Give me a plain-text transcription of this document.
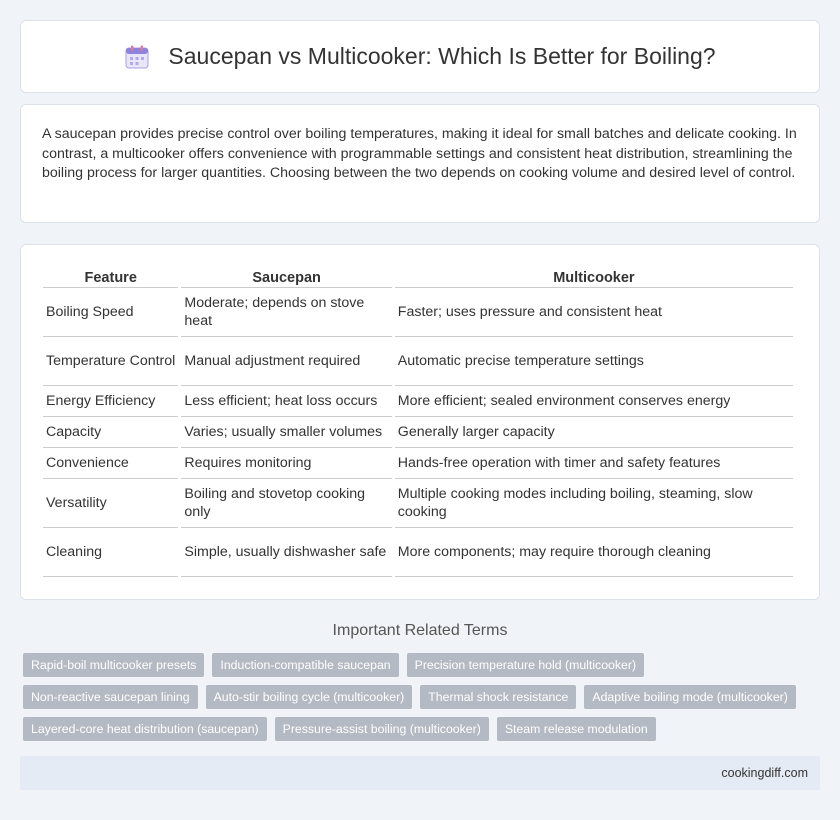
Saucepan vs Multicooker: Which Is Better for Boiling?

A saucepan provides precise control over boiling temperatures, making it ideal for small batches and delicate cooking. In contrast, a multicooker offers convenience with programmable settings and consistent heat distribution, streamlining the boiling process for larger quantities. Choosing between the two depends on cooking volume and desired level of control.

Feature	Saucepan	Multicooker
Boiling Speed	Moderate; depends on stove heat	Faster; uses pressure and consistent heat
Temperature Control	Manual adjustment required	Automatic precise temperature settings
Energy Efficiency	Less efficient; heat loss occurs	More efficient; sealed environment conserves energy
Capacity	Varies; usually smaller volumes	Generally larger capacity
Convenience	Requires monitoring	Hands-free operation with timer and safety features
Versatility	Boiling and stovetop cooking only	Multiple cooking modes including boiling, steaming, slow cooking
Cleaning	Simple, usually dishwasher safe	More components; may require thorough cleaning
Important Related Terms
Rapid-boil multicooker presets	Induction-compatible saucepan	Precision temperature hold (multicooker)
Non-reactive saucepan lining	Auto-stir boiling cycle (multicooker)	Thermal shock resistance	Adaptive boiling mode (multicooker)
Layered-core heat distribution (saucepan)	Pressure-assist boiling (multicooker)	Steam release modulation
cookingdiff.com
